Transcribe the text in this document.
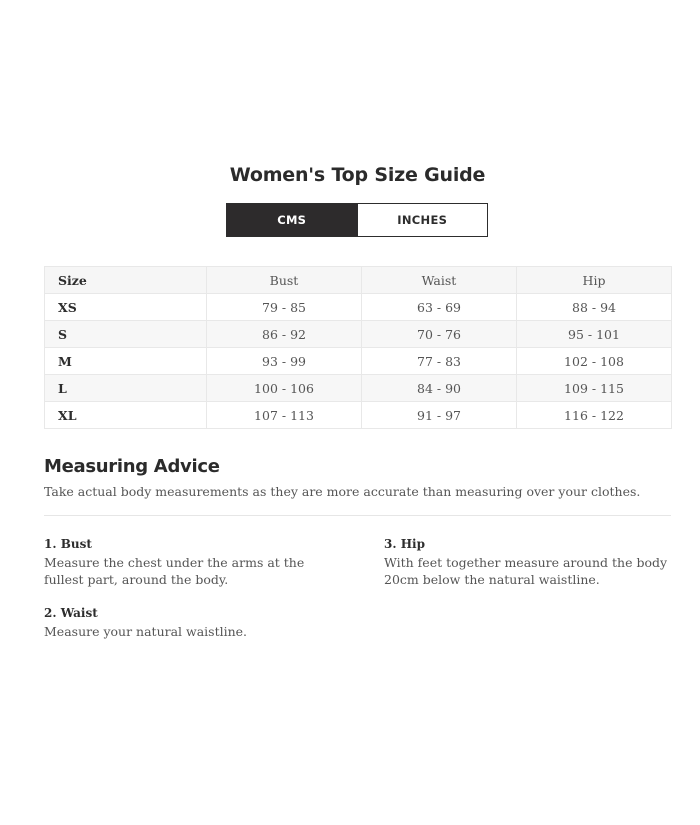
Women's Top Size Guide
CMS	INCHES
Size	Bust	Waist	Hip
XS	79 - 85	63 - 69	88 - 94
S	86 - 92	70 - 76	95 - 101
M	93 - 99	77 - 83	102 - 108
L	100 - 106	84 - 90	109 - 115
XL	107 - 113	91 - 97	116 - 122
Measuring Advice
Take actual body measurements as they are more accurate than measuring over your clothes.
1. Bust
Measure the chest under the arms at the fullest part, around the body.
2. Waist
Measure your natural waistline.
3. Hip
With feet together measure around the body 20cm below the natural waistline.
